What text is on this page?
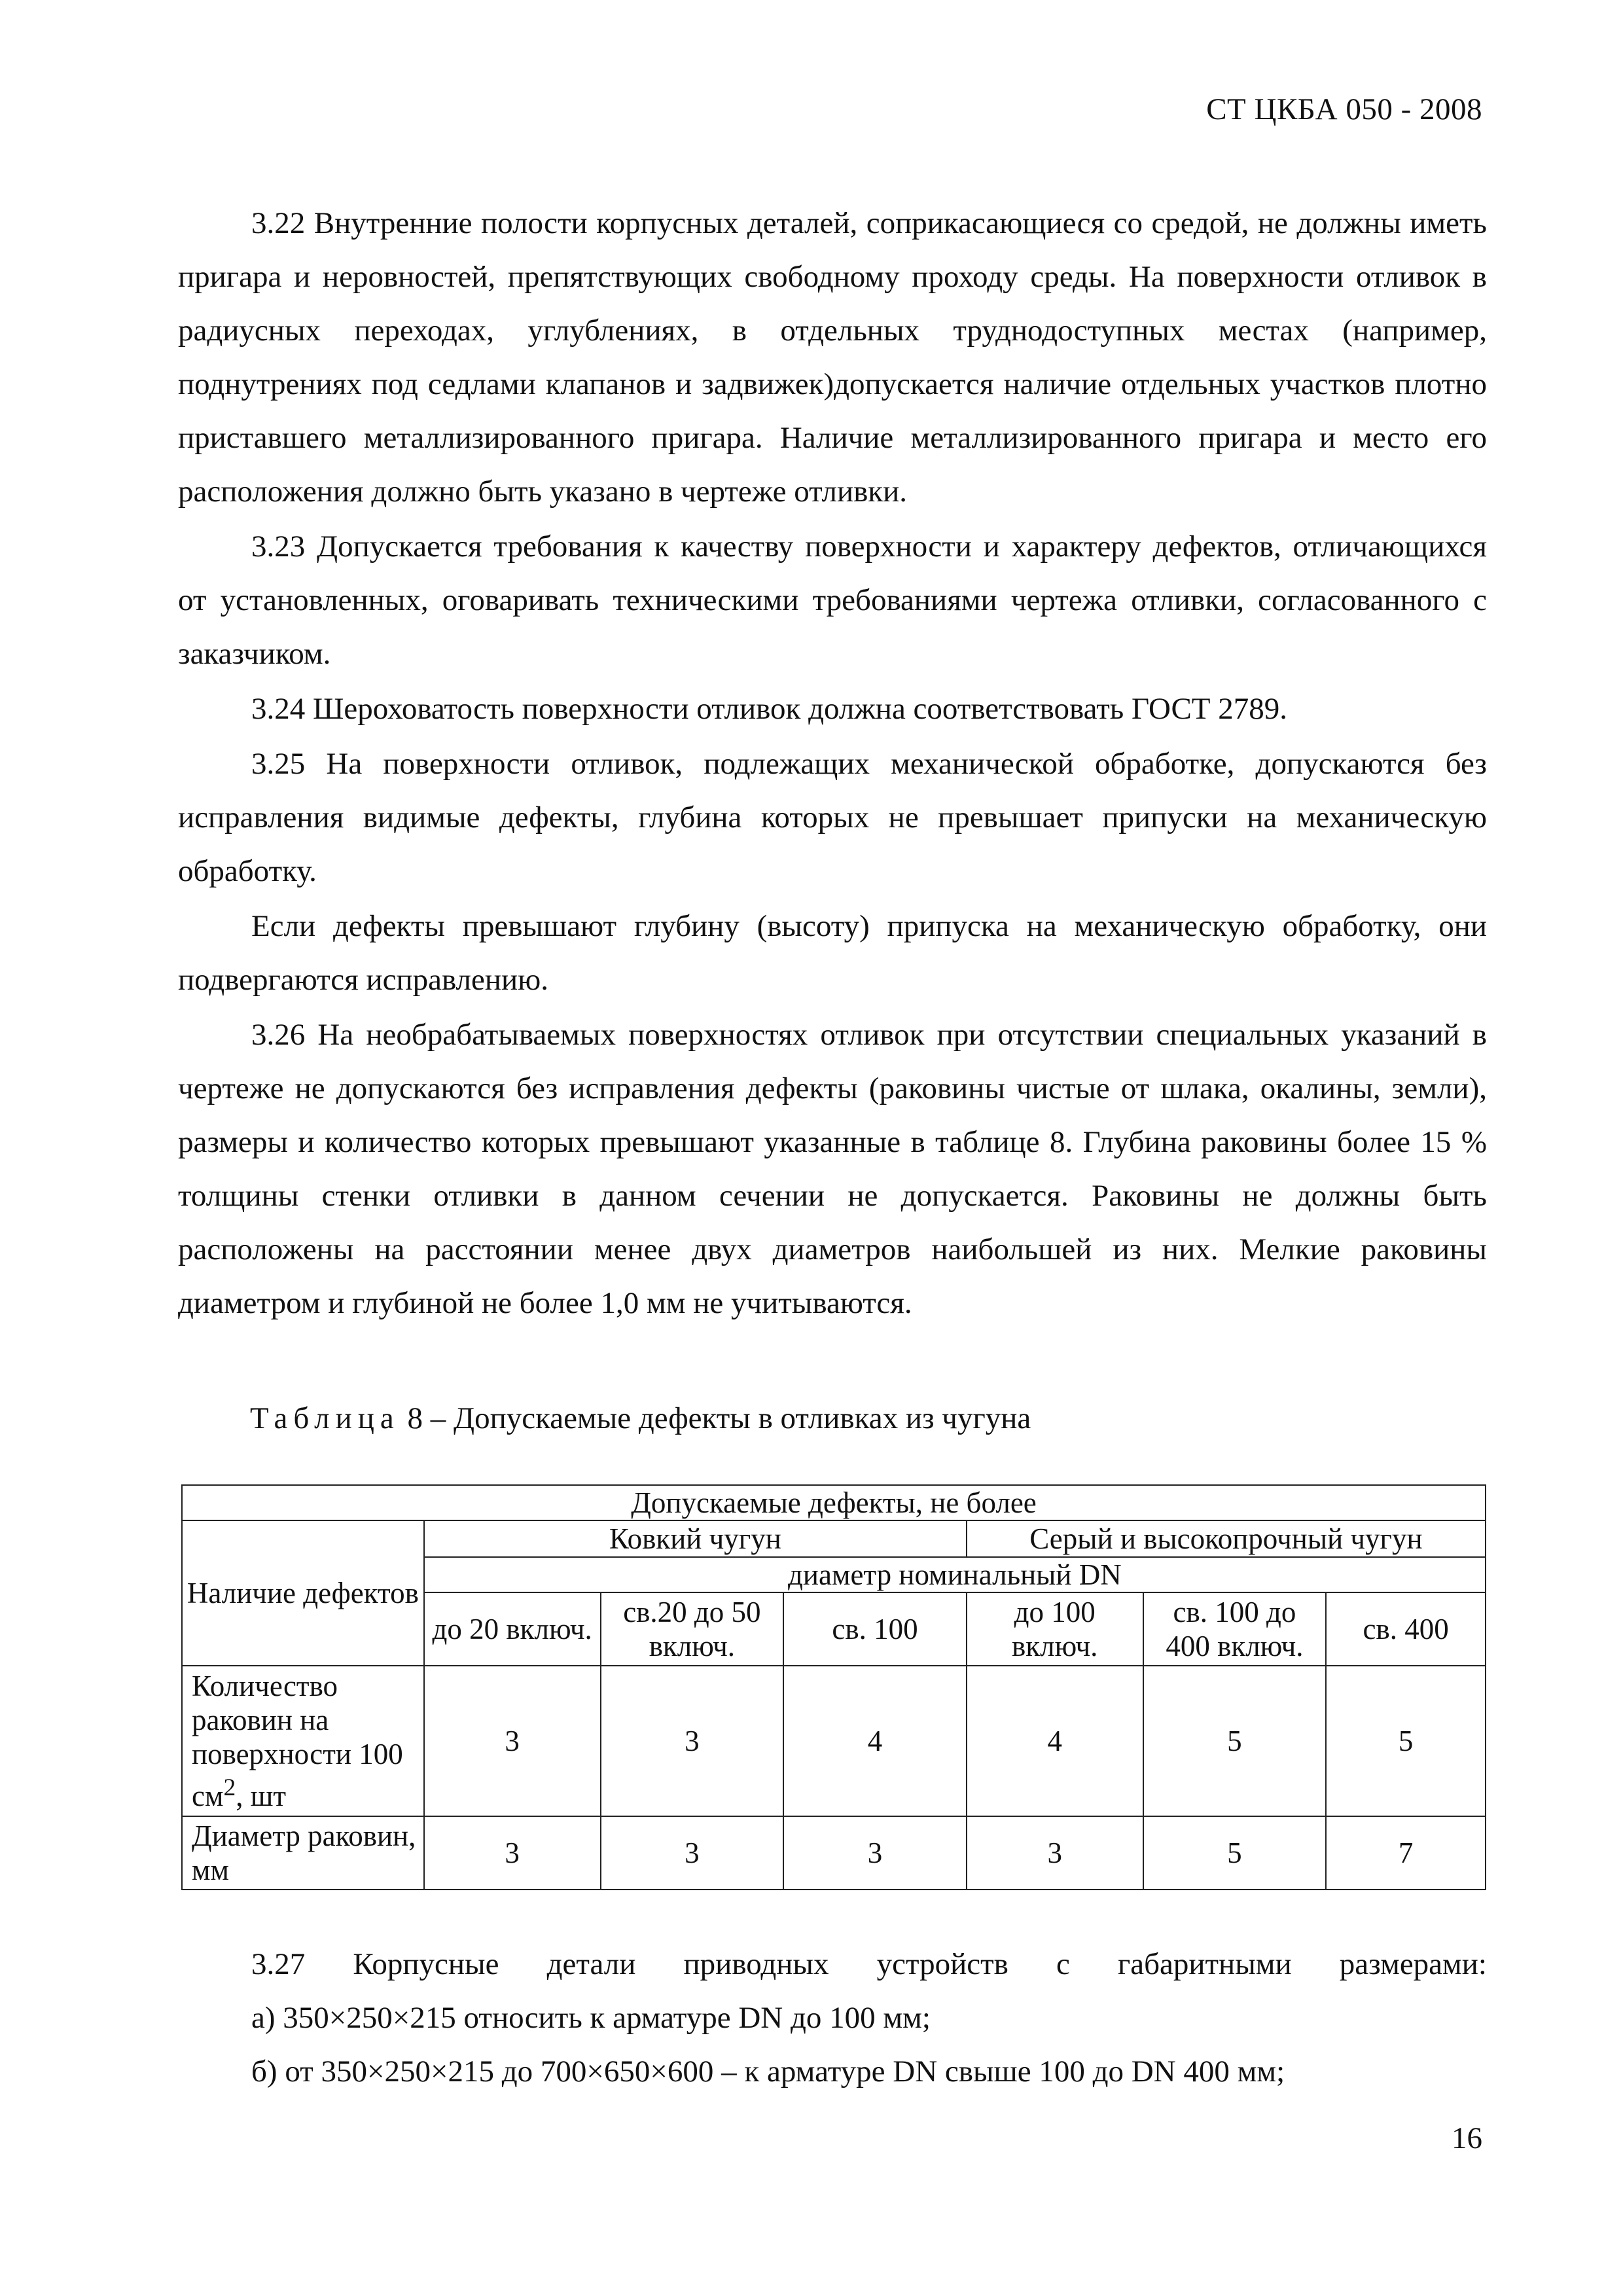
СТ ЦКБА 050 - 2008

3.22 Внутренние полости корпусных деталей, соприкасающиеся со средой, не должны иметь пригара и неровностей, препятствующих свободному проходу среды. На поверхности отливок в радиусных переходах, углублениях, в отдельных труднодоступных местах (например, поднутрениях под седлами клапанов и задвижек)допускается наличие отдельных участков плотно приставшего металлизированного пригара. Наличие металлизированного пригара и место его расположения должно быть указано в чертеже отливки.

3.23 Допускается требования к качеству поверхности и характеру дефектов, отличающихся от установленных, оговаривать техническими требованиями чертежа отливки, согласованного с заказчиком.

3.24 Шероховатость поверхности отливок должна соответствовать ГОСТ 2789.

3.25 На поверхности отливок, подлежащих механической обработке, допускаются без исправления видимые дефекты, глубина которых не превышает припуски на механическую обработку.

Если дефекты превышают глубину (высоту) припуска на механическую обработку, они подвергаются исправлению.

3.26 На необрабатываемых поверхностях отливок при отсутствии специальных указаний в чертеже не допускаются без исправления дефекты (раковины чистые от шлака, окалины, земли), размеры и количество которых превышают указанные в таблице 8. Глубина раковины более 15 % толщины стенки отливки в данном сечении не допускается. Раковины не должны быть расположены на расстоянии менее двух диаметров наибольшей из них. Мелкие раковины диаметром и глубиной не более 1,0 мм не учитываются.

Таблица 8 – Допускаемые дефекты в отливках из чугуна
Допускаемые дефекты, не более						
Наличие дефектов	Ковкий чугун			Серый и высокопрочный чугун		
	диаметр номинальный DN					
	до 20 включ.	св.20 до 50 включ.	св. 100	до 100 включ.	св. 100 до 400 включ.	св. 400
Количество раковин на поверхности 100 $см^2$, шт	3	3	4	4	5	5
Диаметр раковин, мм	3	3	3	3	5	7

3.27 Корпусные детали приводных устройств с габаритными размерами:

а) 350×250×215 относить к арматуре DN до 100 мм;

б) от 350×250×215 до 700×650×600 – к арматуре DN свыше 100 до DN 400 мм;

16
